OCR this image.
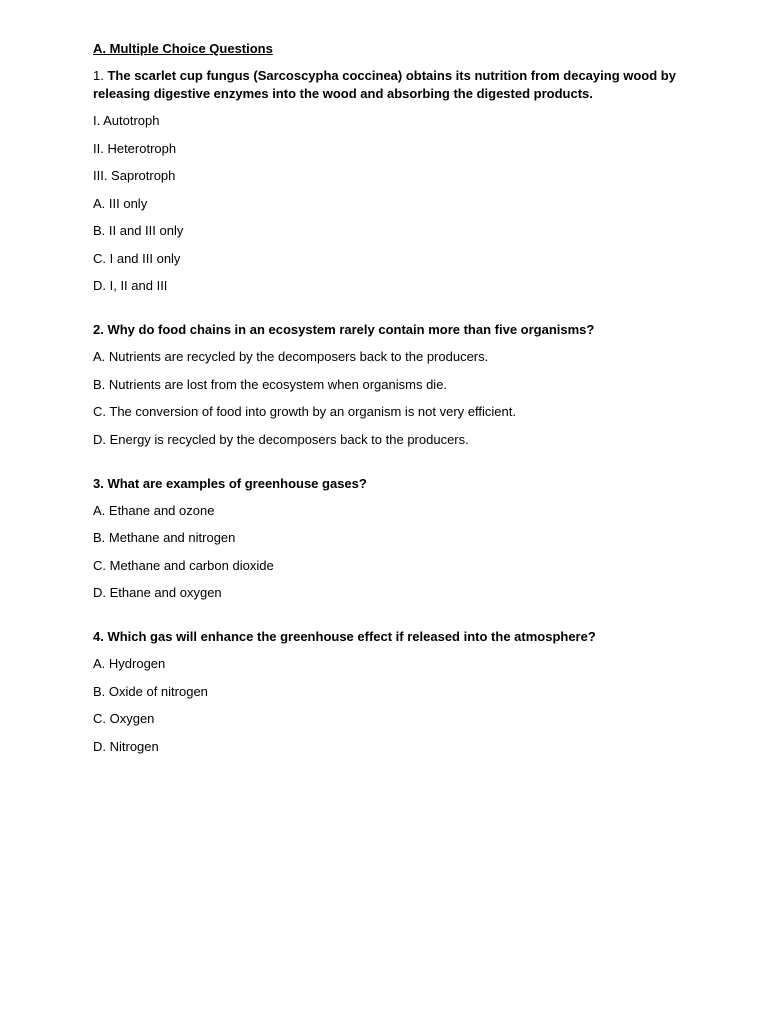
A. Multiple Choice Questions
1. The scarlet cup fungus (Sarcoscypha coccinea) obtains its nutrition from decaying wood by releasing digestive enzymes into the wood and absorbing the digested products.
I. Autotroph
II. Heterotroph
III. Saprotroph
A. III only
B. II and III only
C. I and III only
D. I, II and III
2. Why do food chains in an ecosystem rarely contain more than five organisms?
A. Nutrients are recycled by the decomposers back to the producers.
B. Nutrients are lost from the ecosystem when organisms die.
C. The conversion of food into growth by an organism is not very efficient.
D. Energy is recycled by the decomposers back to the producers.
3. What are examples of greenhouse gases?
A. Ethane and ozone
B. Methane and nitrogen
C. Methane and carbon dioxide
D. Ethane and oxygen
4. Which gas will enhance the greenhouse effect if released into the atmosphere?
A. Hydrogen
B. Oxide of nitrogen
C. Oxygen
D. Nitrogen
